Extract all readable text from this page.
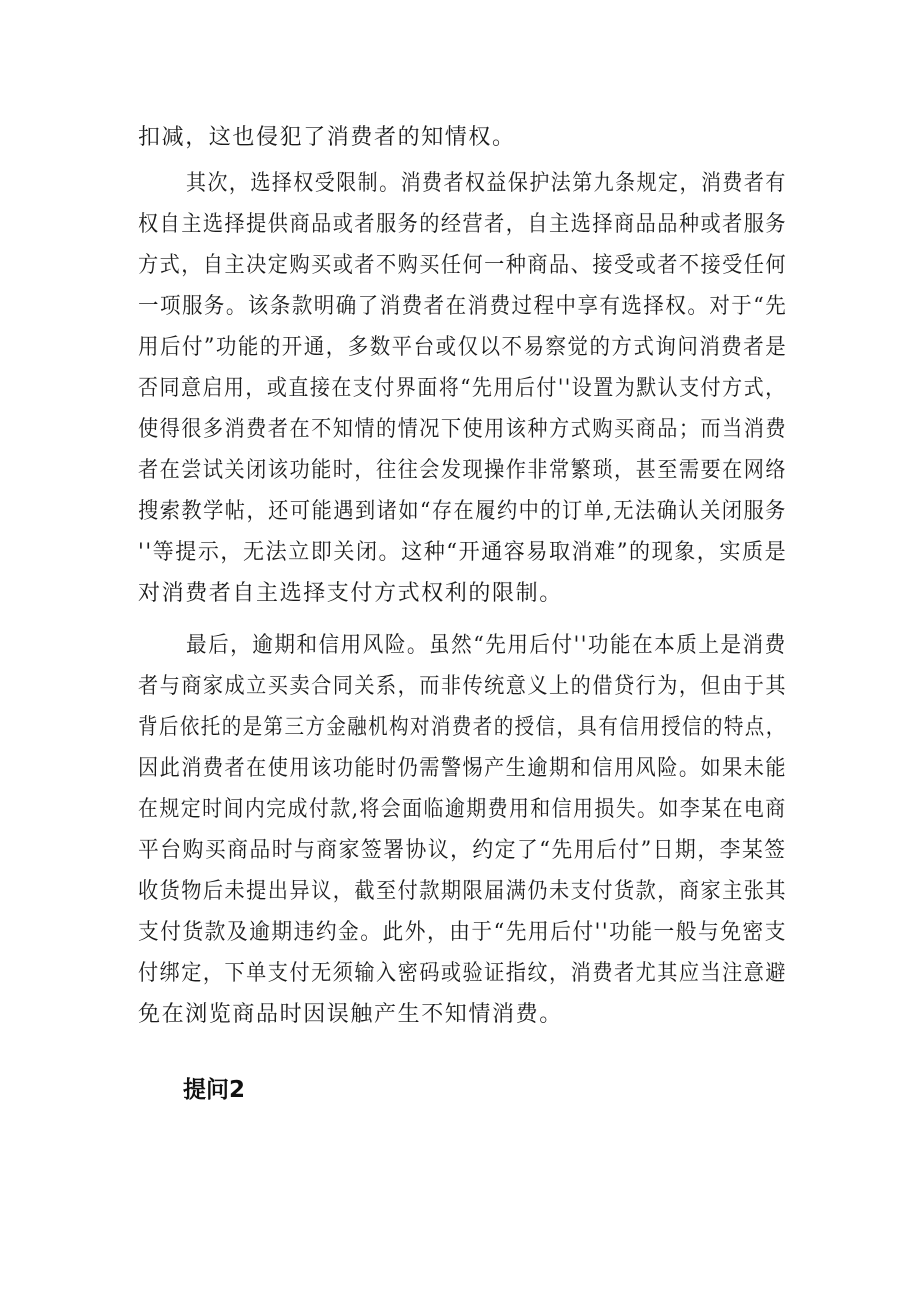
扣减，这也侵犯了消费者的知情权。
其次，选择权受限制。消费者权益保护法第九条规定，消费者有
权自主选择提供商品或者服务的经营者，自主选择商品品种或者服务
方式，自主决定购买或者不购买任何一种商品、接受或者不接受任何
一项服务。该条款明确了消费者在消费过程中享有选择权。对于“先
用后付”功能的开通，多数平台或仅以不易察觉的方式询问消费者是
否同意启用，或直接在支付界面将“先用后付''设置为默认支付方式，
使得很多消费者在不知情的情况下使用该种方式购买商品；而当消费
者在尝试关闭该功能时，往往会发现操作非常繁琐，甚至需要在网络
搜索教学帖，还可能遇到诸如“存在履约中的订单,无法确认关闭服务
''等提示，无法立即关闭。这种“开通容易取消难”的现象，实质是
对消费者自主选择支付方式权利的限制。
最后，逾期和信用风险。虽然“先用后付''功能在本质上是消费
者与商家成立买卖合同关系，而非传统意义上的借贷行为，但由于其
背后依托的是第三方金融机构对消费者的授信，具有信用授信的特点，
因此消费者在使用该功能时仍需警惕产生逾期和信用风险。如果未能
在规定时间内完成付款,将会面临逾期费用和信用损失。如李某在电商
平台购买商品时与商家签署协议，约定了“先用后付”日期，李某签
收货物后未提出异议，截至付款期限届满仍未支付货款，商家主张其
支付货款及逾期违约金。此外，由于“先用后付''功能一般与免密支
付绑定，下单支付无须输入密码或验证指纹，消费者尤其应当注意避
免在浏览商品时因误触产生不知情消费。
提问2
